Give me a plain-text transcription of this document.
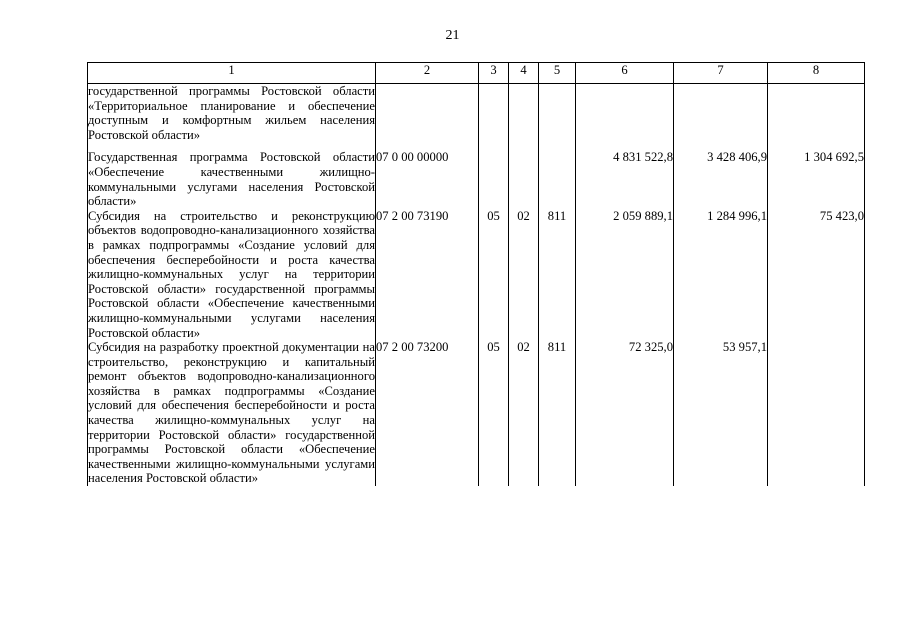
21
1	2	3	4	5	6	7	8
государственной программы Ростовской области «Территориальное планирование и обеспечение доступным и комфортным жильем населения Ростовской области»							
Государственная программа Ростовской области «Обеспечение качественными жилищно-коммунальными услугами населения Ростовской области»	07 0 00 00000				4 831 522,8	3 428 406,9	1 304 692,5
Субсидия на строительство и реконструкцию объектов водопроводно-канализационного хозяйства в рамках подпрограммы «Создание условий для обеспечения бесперебойности и роста качества жилищно-коммунальных услуг на территории Ростовской области» государственной программы Ростовской области «Обеспечение качественными жилищно-коммунальными услугами населения Ростовской области»	07 2 00 73190	05	02	811	2 059 889,1	1 284 996,1	75 423,0
Субсидия на разработку проектной документации на строительство, реконструкцию и капитальный ремонт объектов водопроводно-канализационного хозяйства в рамках подпрограммы «Создание условий для обеспечения бесперебойности и роста качества жилищно-коммунальных услуг на территории Ростовской области» государственной программы Ростовской области «Обеспечение качественными жилищно-коммунальными услугами населения Ростовской области»	07 2 00 73200	05	02	811	72 325,0	53 957,1	
